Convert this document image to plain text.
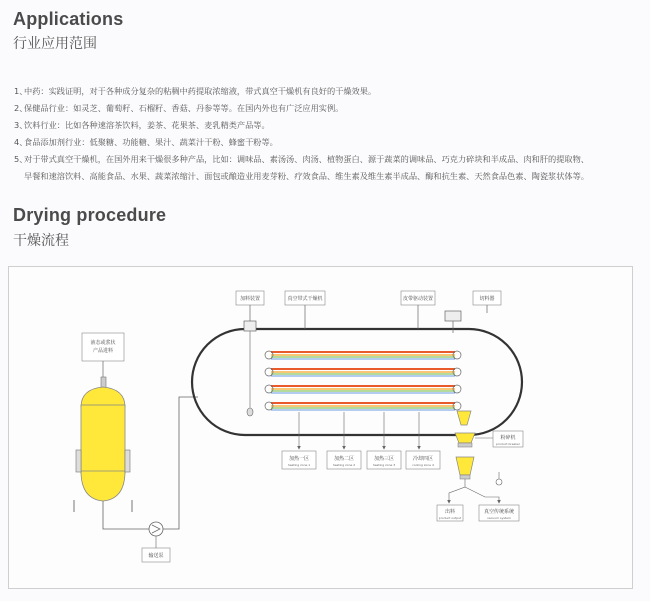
Applications
行业应用范围
1、中药：实践证明，对于各种成分复杂的粘稠中药提取浓缩液，带式真空干燥机有良好的干燥效果。
2、保健品行业：如灵芝、葡萄籽、石榴籽、香菇、丹参等等。在国内外也有广泛应用实例。
3、饮料行业：比如各种速溶茶饮料，姜茶、花果茶、麦乳精类产品等。
4、食品添加剂行业：低聚糖、功能糖、果汁、蔬菜汁干粉、蜂蜜干粉等。
5、对于带式真空干燥机，在国外用来干燥很多种产品，比如：调味品、素汤汤、肉汤、植物蛋白、源于蔬菜的调味品、巧克力碎块和半成品、肉和肝的提取物、
早餐和速溶饮料、高能食品、水果、蔬菜浓缩汁、面包或酿造业用麦芽粉、疗效食品、维生素及维生素半成品、酶和抗生素、天然食品色素、陶瓷浆状体等。
Drying procedure
干燥流程
液态或浆状
产品进料
输送泵
加料装置	真空带式干燥机	皮带驱动装置	切料器
加热一区
heating zone 1
加热二区
heating zone 2
加热三区
heating zone 3
冷却四区
cooling zone 4
粉碎机
product breaker
出料
product output
真空传统系统
vacuum system
